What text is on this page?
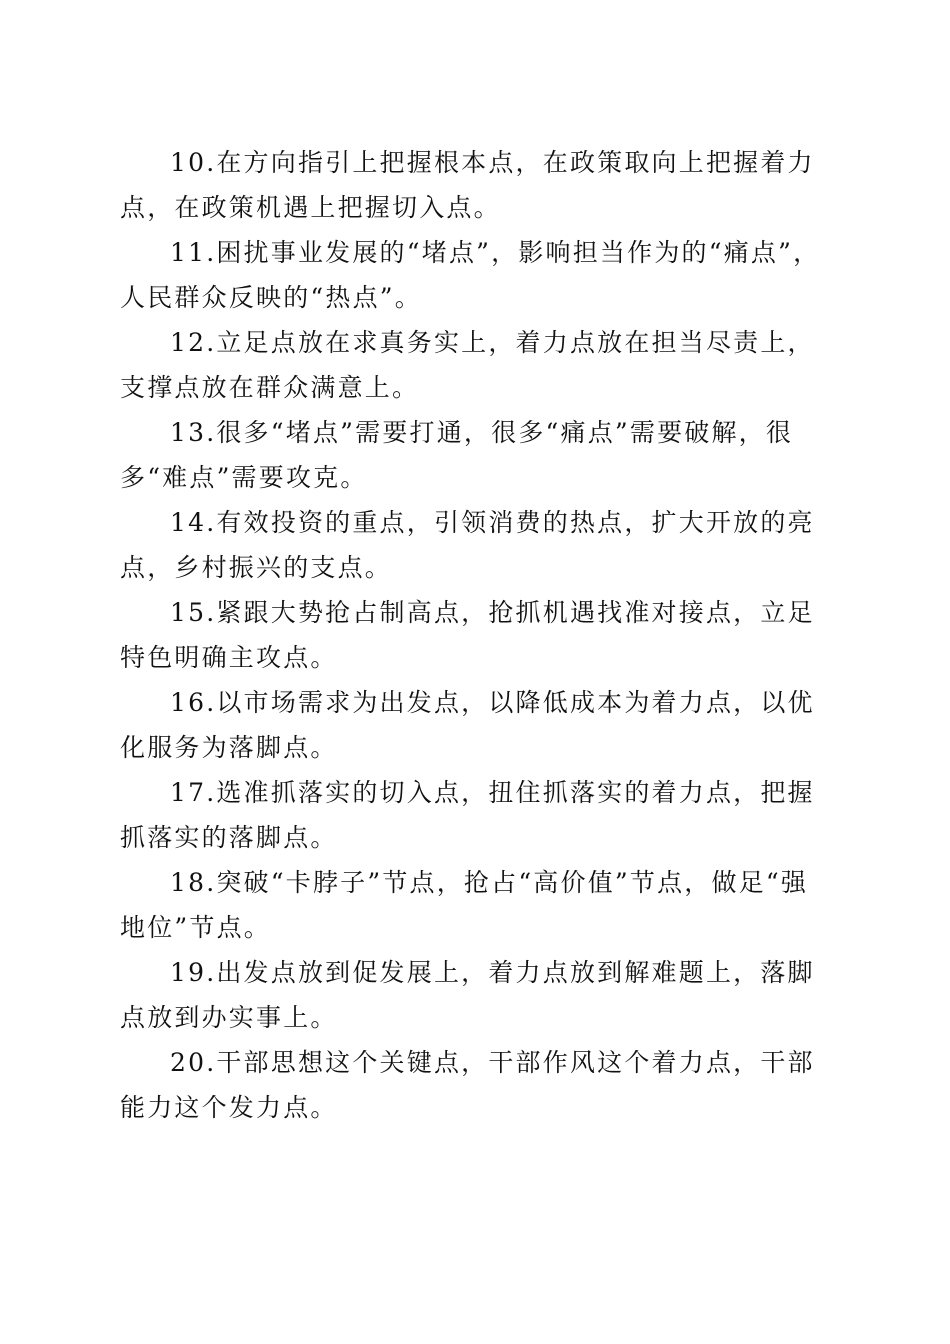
10.在方向指引上把握根本点，在政策取向上把握着力点，在政策机遇上把握切入点。

11.困扰事业发展的“堵点”，影响担当作为的“痛点”，人民群众反映的“热点”。

12.立足点放在求真务实上，着力点放在担当尽责上，支撑点放在群众满意上。

13.很多“堵点”需要打通，很多“痛点”需要破解，很多“难点”需要攻克。

14.有效投资的重点，引领消费的热点，扩大开放的亮点，乡村振兴的支点。

15.紧跟大势抢占制高点，抢抓机遇找准对接点，立足特色明确主攻点。

16.以市场需求为出发点，以降低成本为着力点，以优化服务为落脚点。

17.选准抓落实的切入点，扭住抓落实的着力点，把握抓落实的落脚点。

18.突破“卡脖子”节点，抢占“高价值”节点，做足“强地位”节点。

19.出发点放到促发展上，着力点放到解难题上，落脚点放到办实事上。

20.干部思想这个关键点，干部作风这个着力点，干部能力这个发力点。
